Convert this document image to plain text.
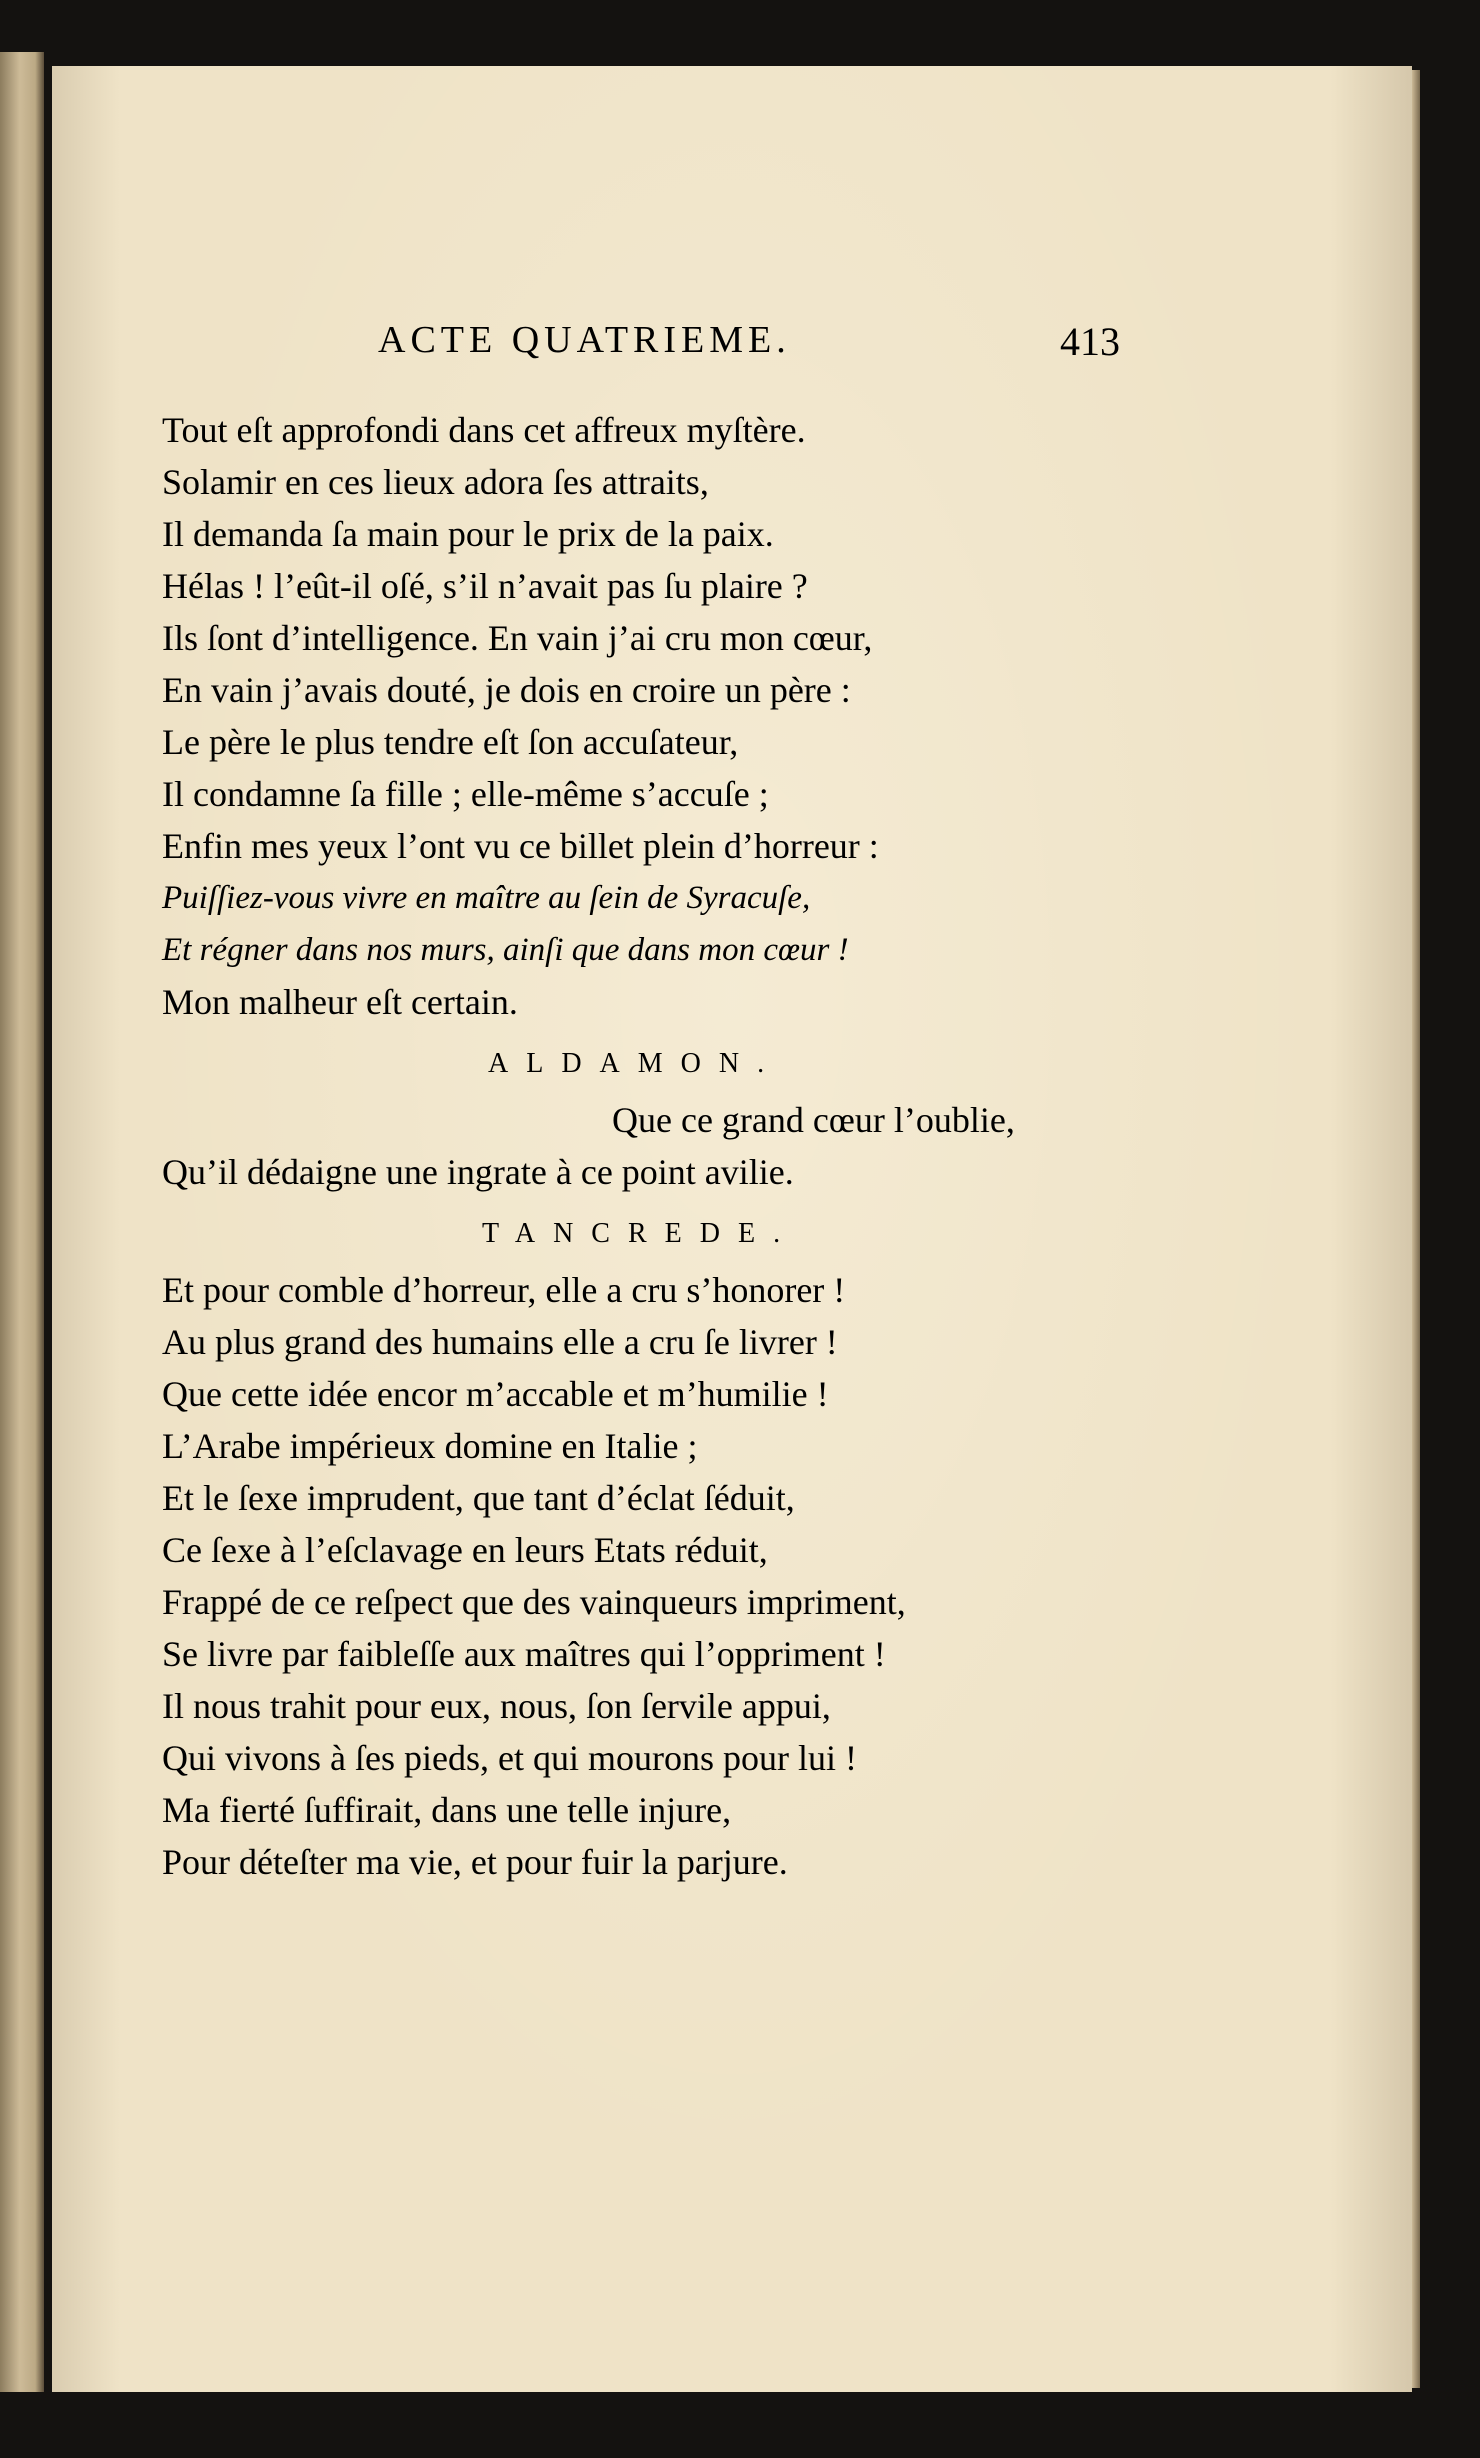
ACTE QUATRIEME.	413
Tout eſt approfondi dans cet affreux myſtère.
Solamir en ces lieux adora ſes attraits,
Il demanda ſa main pour le prix de la paix.
Hélas ! l’eût-il oſé, s’il n’avait pas ſu plaire ?
Ils ſont d’intelligence. En vain j’ai cru mon cœur,
En vain j’avais douté, je dois en croire un père :
Le père le plus tendre eſt ſon accuſateur,
Il condamne ſa fille ; elle-même s’accuſe ;
Enfin mes yeux l’ont vu ce billet plein d’horreur :
Puiſſiez-vous vivre en maître au ſein de Syracuſe,
Et régner dans nos murs, ainſi que dans mon cœur !
Mon malheur eſt certain.
ALDAMON.
Que ce grand cœur l’oublie,
Qu’il dédaigne une ingrate à ce point avilie.
TANCREDE.
Et pour comble d’horreur, elle a cru s’honorer !
Au plus grand des humains elle a cru ſe livrer !
Que cette idée encor m’accable et m’humilie !
L’Arabe impérieux domine en Italie ;
Et le ſexe imprudent, que tant d’éclat ſéduit,
Ce ſexe à l’eſclavage en leurs Etats réduit,
Frappé de ce reſpect que des vainqueurs impriment,
Se livre par faibleſſe aux maîtres qui l’oppriment !
Il nous trahit pour eux, nous, ſon ſervile appui,
Qui vivons à ſes pieds, et qui mourons pour lui !
Ma fierté ſuffirait, dans une telle injure,
Pour déteſter ma vie, et pour fuir la parjure.
